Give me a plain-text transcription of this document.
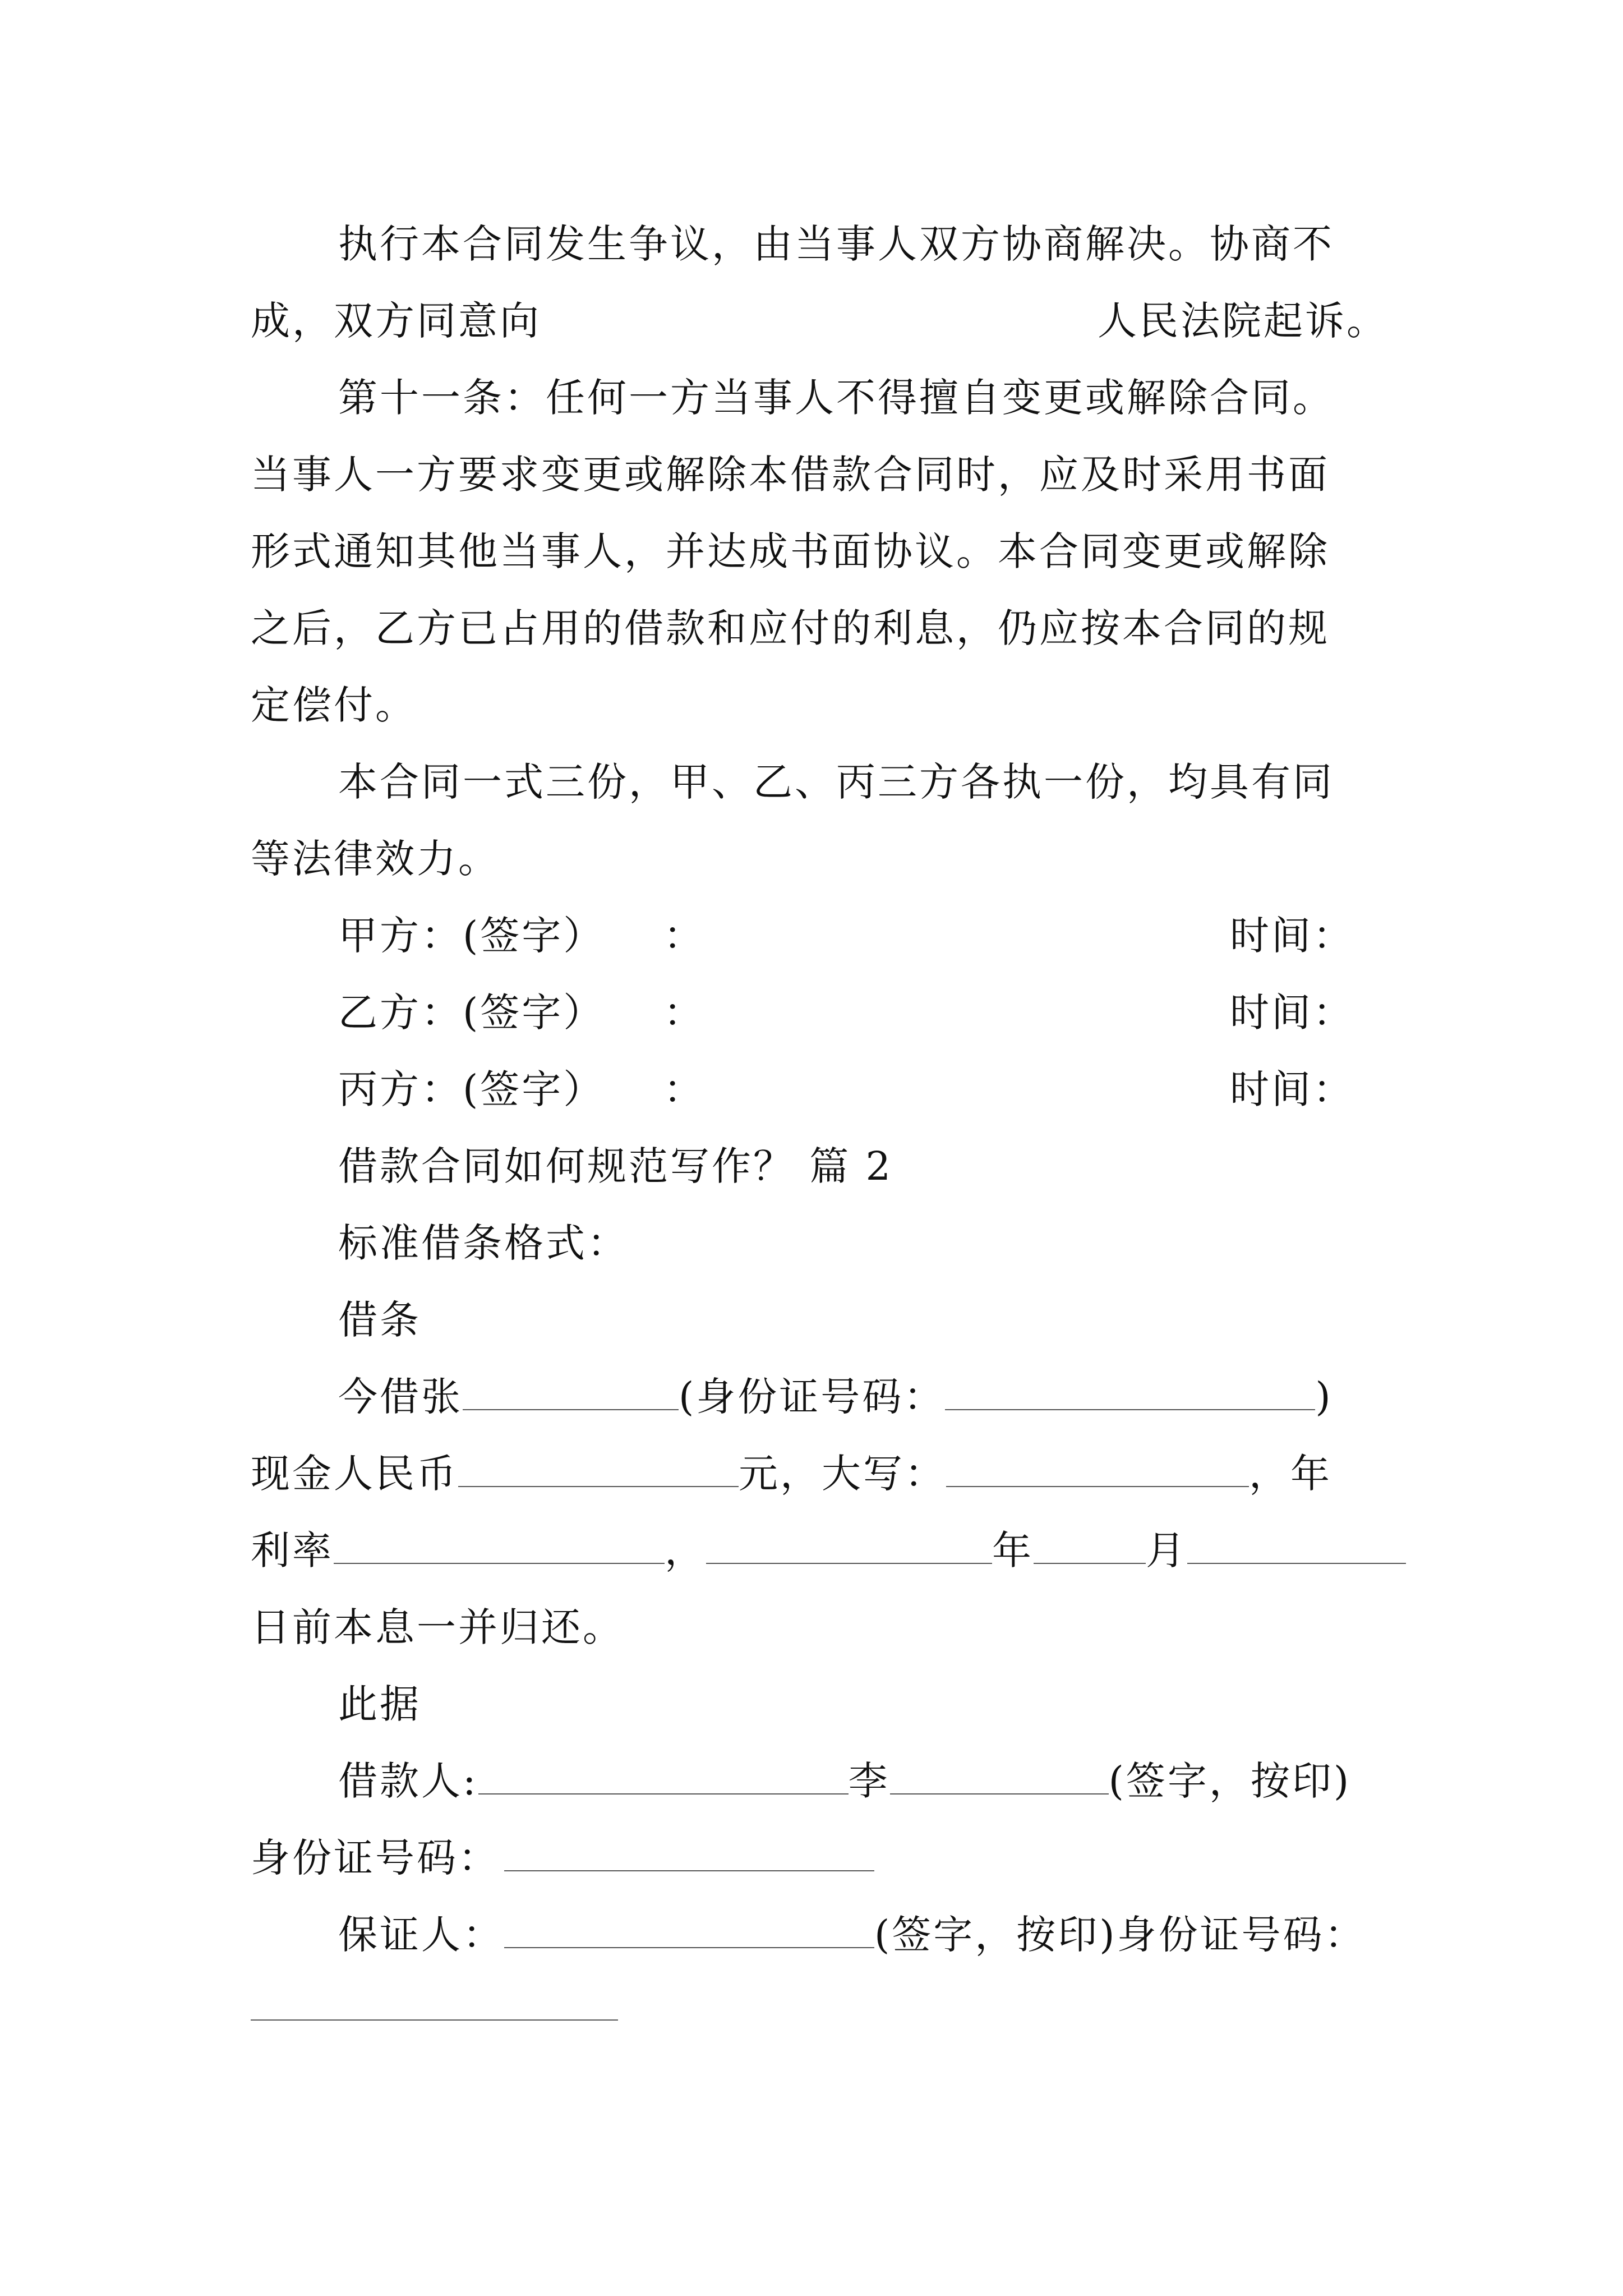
执行本合同发生争议，由当事人双方协商解决。协商不
成，双方同意向	人民法院起诉。
第十一条：任何一方当事人不得擅自变更或解除合同。
当事人一方要求变更或解除本借款合同时，应及时采用书面
形式通知其他当事人，并达成书面协议。本合同变更或解除
之后，乙方已占用的借款和应付的利息，仍应按本合同的规
定偿付。
本合同一式三份，甲、乙、丙三方各执一份，均具有同
等法律效力。
甲方：(签字） ：	时间：
乙方：(签字） ：	时间：
丙方：(签字） ：	时间：
借款合同如何规范写作？ 篇 2
标准借条格式：
借条
今借张	(身份证号码：	)
现金人民币	元，大写：	，年
利率	，	年	月
日前本息一并归还。
此据
借款人:	李	(签字，按印)
身份证号码：
保证人：	(签字，按印)身份证号码：
